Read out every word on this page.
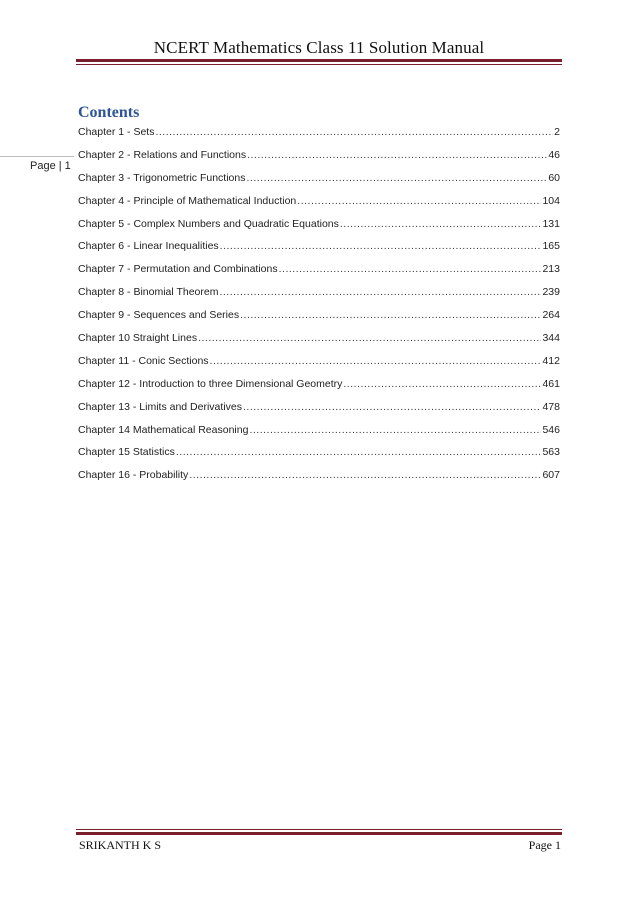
NCERT Mathematics Class 11 Solution Manual
Page | 1
Contents
Chapter 1 - Sets .....	2
Chapter 2 - Relations and Functions .....	46
Chapter 3 - Trigonometric Functions .....	60
Chapter 4 - Principle of Mathematical Induction .....	104
Chapter 5 - Complex Numbers and Quadratic Equations .....	131
Chapter 6 - Linear Inequalities .....	165
Chapter 7 - Permutation and Combinations .....	213
Chapter 8 - Binomial Theorem .....	239
Chapter 9 - Sequences and Series .....	264
Chapter 10 Straight Lines .....	344
Chapter 11 - Conic Sections .....	412
Chapter 12 - Introduction to three Dimensional Geometry .....	461
Chapter 13 - Limits and Derivatives .....	478
Chapter 14 Mathematical Reasoning .....	546
Chapter 15 Statistics .....	563
Chapter 16 - Probability .....	607
SRIKANTH K S	Page 1
